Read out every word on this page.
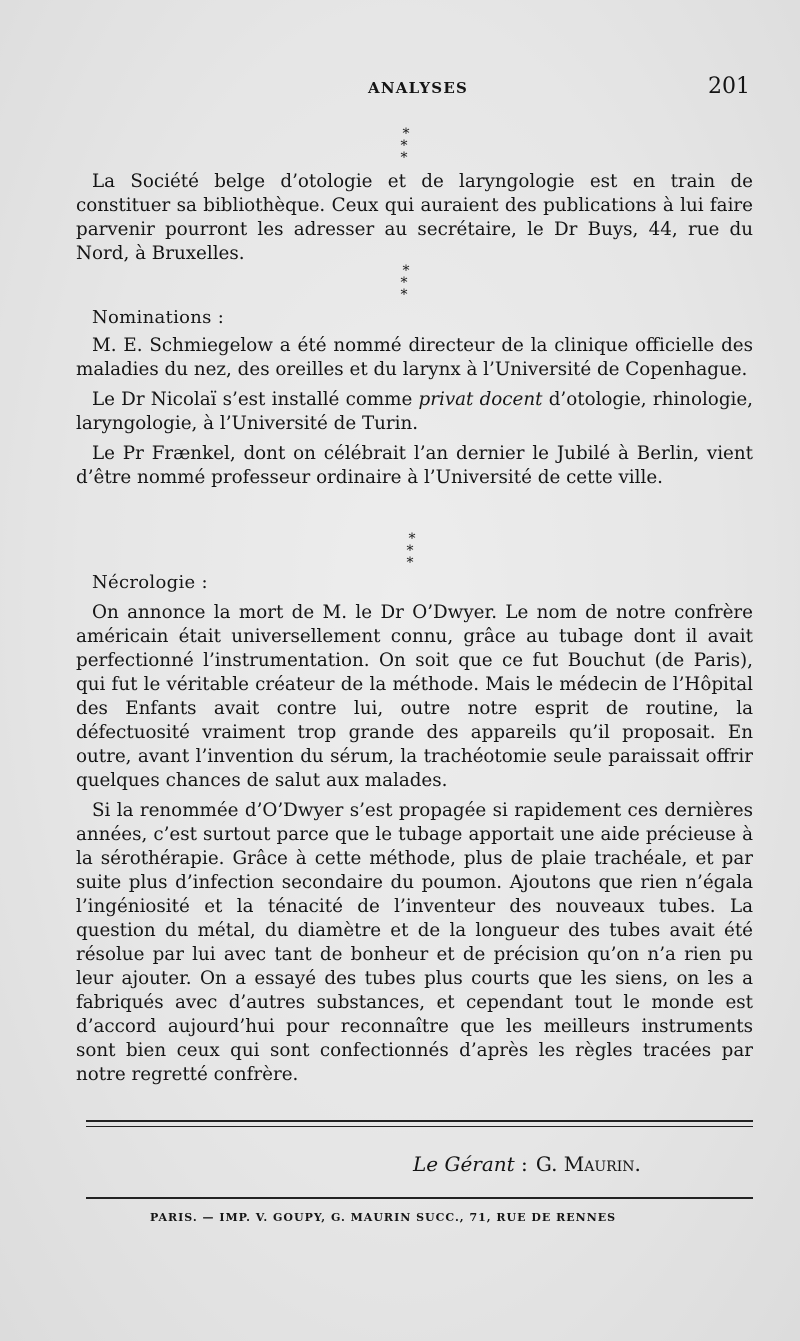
ANALYSES	201
*
* *

La Société belge d’otologie et de laryngologie est en train de constituer sa bibliothèque. Ceux qui auraient des publications à lui faire parvenir pourront les adresser au secrétaire, le Dr Buys, 44, rue du Nord, à Bruxelles.

*
* *
Nominations :

M. E. Schmiegelow a été nommé directeur de la clinique officielle des maladies du nez, des oreilles et du larynx à l’Université de Copenhague.

Le Dr Nicolaï s’est installé comme privat docent d’otologie, rhinologie, laryngologie, à l’Université de Turin.

Le Pr Frænkel, dont on célébrait l’an dernier le Jubilé à Berlin, vient d’être nommé professeur ordinaire à l’Université de cette ville.

*
* *
Nécrologie :

On annonce la mort de M. le Dr O’Dwyer. Le nom de notre confrère américain était universellement connu, grâce au tubage dont il avait perfectionné l’instrumentation. On soit que ce fut Bouchut (de Paris), qui fut le véritable créateur de la méthode. Mais le médecin de l’Hôpital des Enfants avait contre lui, outre notre esprit de routine, la défectuosité vraiment trop grande des appareils qu’il proposait. En outre, avant l’invention du sérum, la trachéotomie seule paraissait offrir quelques chances de salut aux malades.

Si la renommée d’O’Dwyer s’est propagée si rapidement ces dernières années, c’est surtout parce que le tubage apportait une aide précieuse à la sérothérapie. Grâce à cette méthode, plus de plaie trachéale, et par suite plus d’infection secondaire du poumon. Ajoutons que rien n’égala l’ingéniosité et la ténacité de l’inventeur des nouveaux tubes. La question du métal, du diamètre et de la longueur des tubes avait été résolue par lui avec tant de bonheur et de précision qu’on n’a rien pu leur ajouter. On a essayé des tubes plus courts que les siens, on les a fabriqués avec d’autres substances, et cependant tout le monde est d’accord aujourd’hui pour reconnaître que les meilleurs instruments sont bien ceux qui sont confectionnés d’après les règles tracées par notre regretté confrère.

Le Gérant : G. Maurin.
PARIS. — IMP. V. GOUPY, G. MAURIN SUCC., 71, RUE DE RENNES
